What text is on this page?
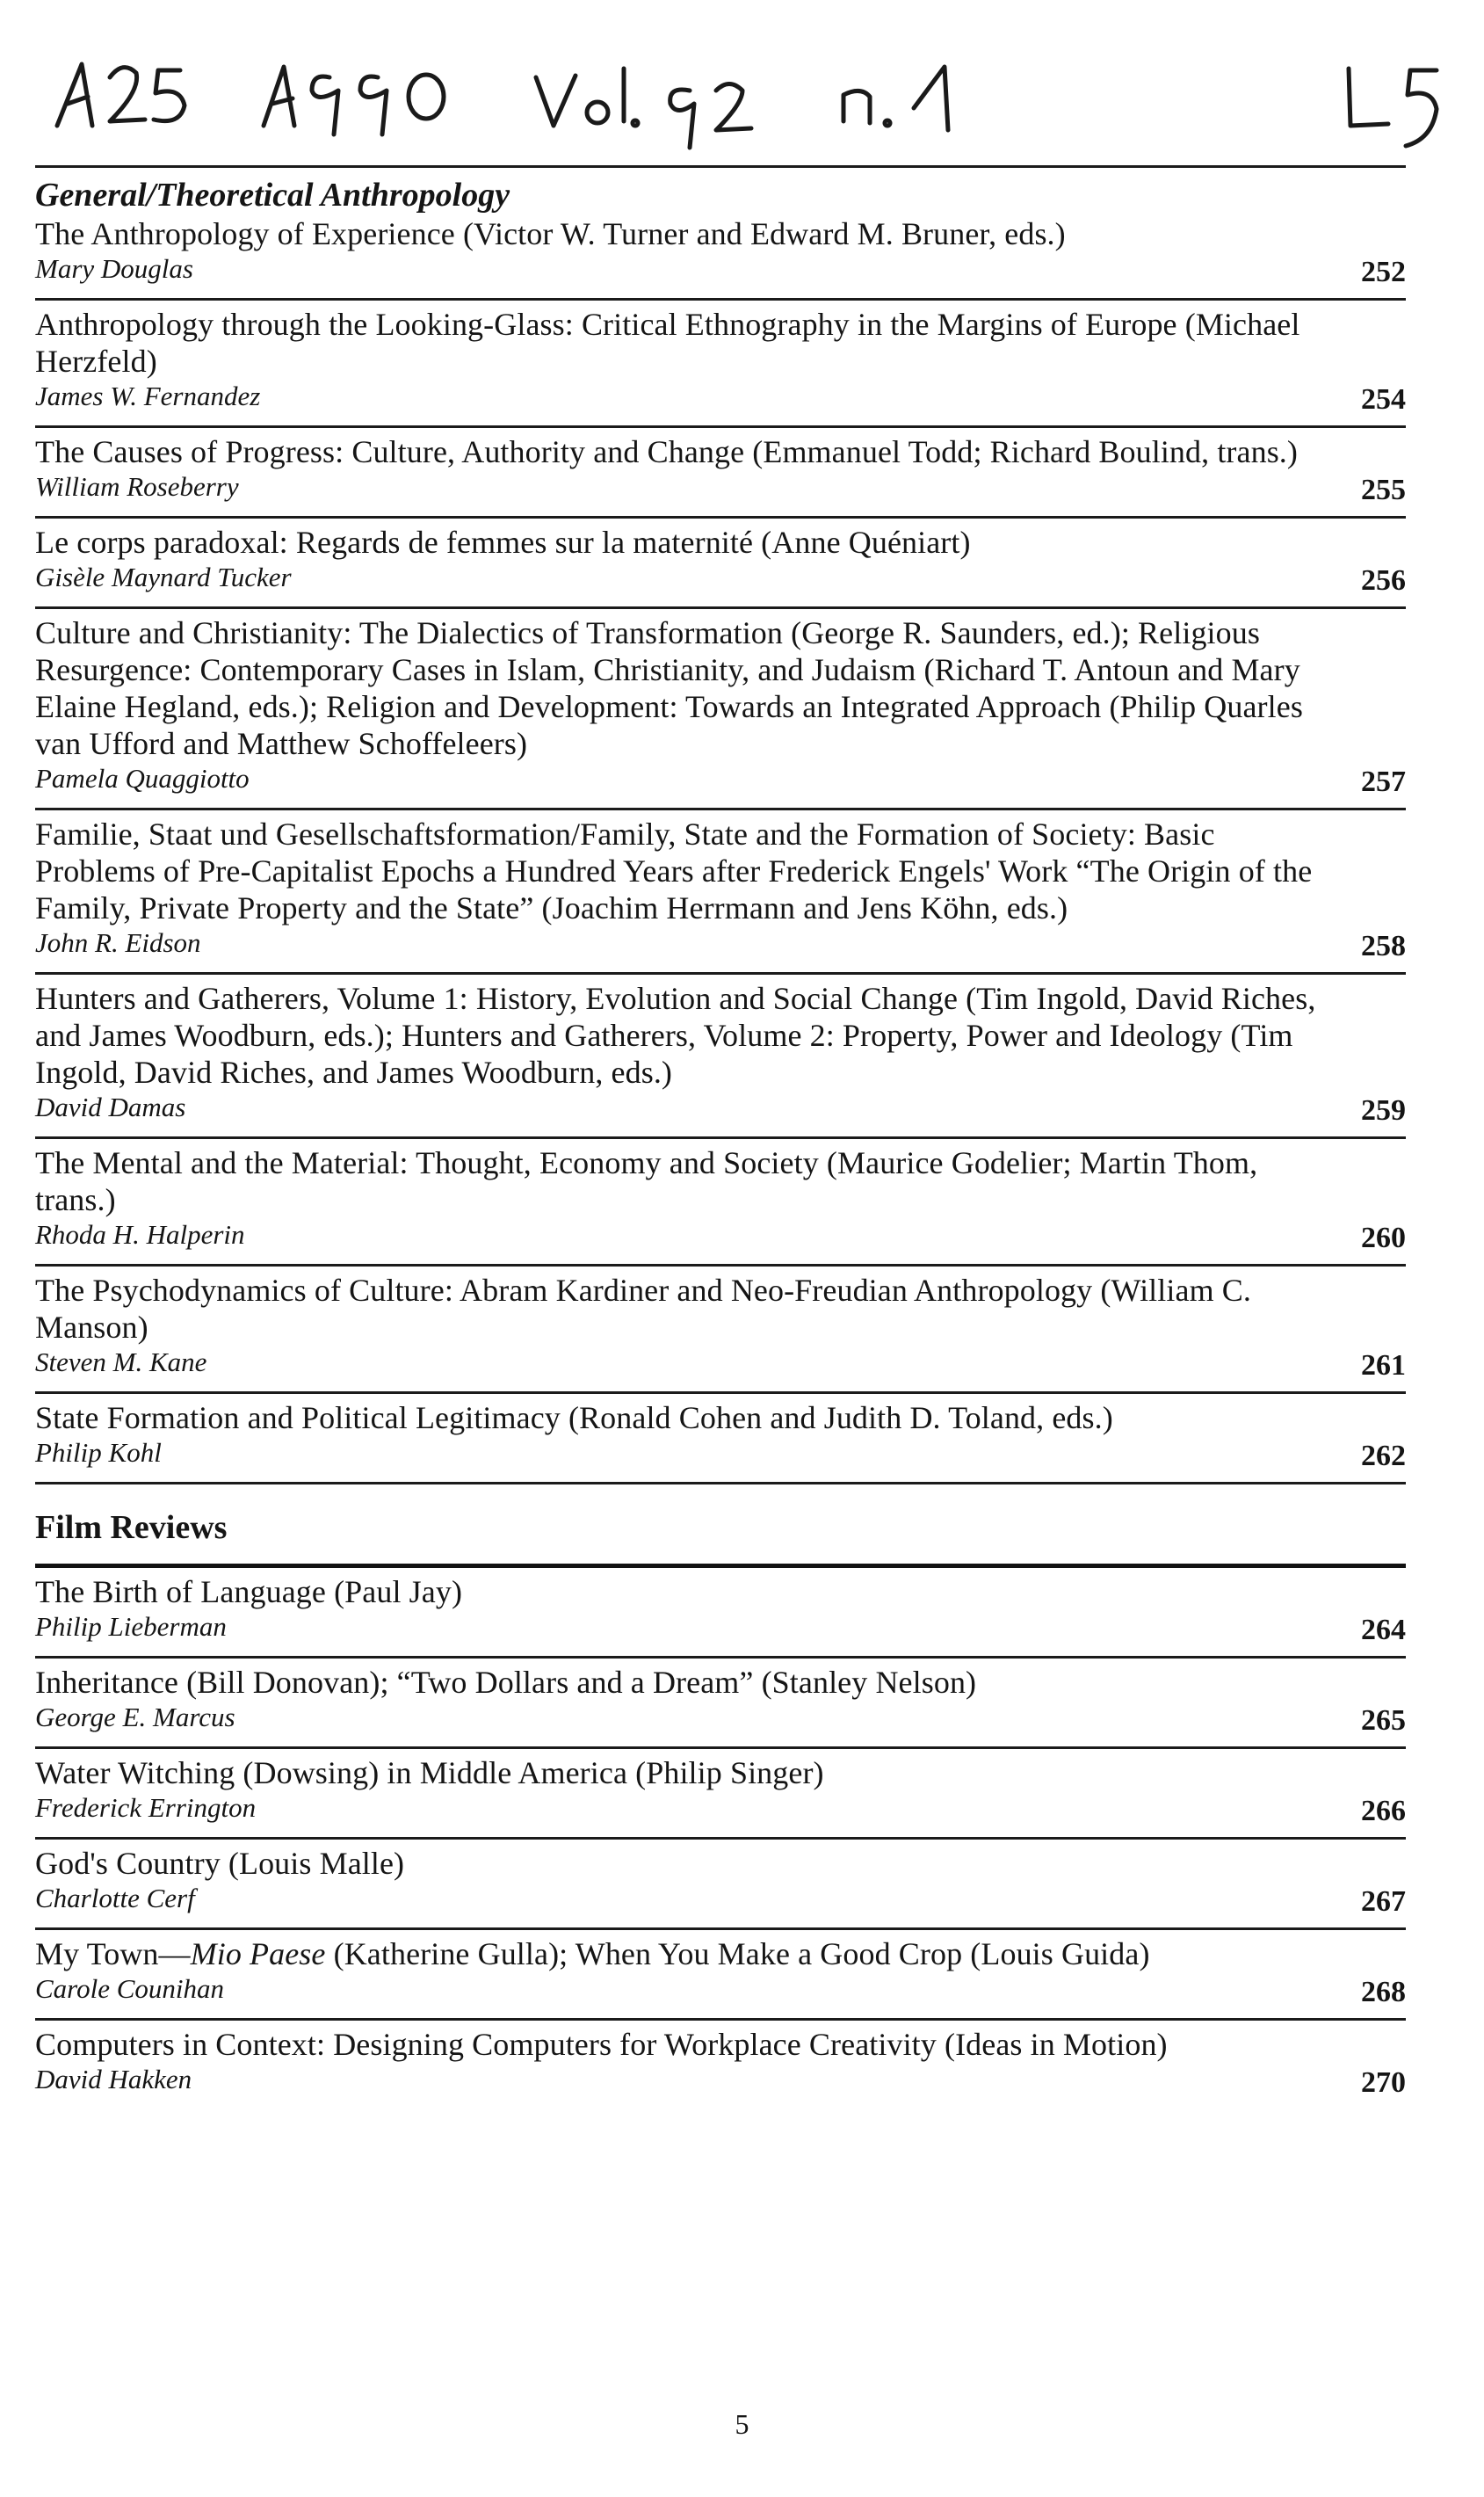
General/Theoretical Anthropology

The Anthropology of Experience (Victor W. Turner and Edward M. Bruner, eds.)

Mary Douglas	252

Anthropology through the Looking-Glass: Critical Ethnography in the Margins of Europe (Michael Herzfeld)

James W. Fernandez	254

The Causes of Progress: Culture, Authority and Change (Emmanuel Todd; Richard Boulind, trans.)

William Roseberry	255

Le corps paradoxal: Regards de femmes sur la maternité (Anne Quéniart)

Gisèle Maynard Tucker	256

Culture and Christianity: The Dialectics of Transformation (George R. Saunders, ed.); Religious Resurgence: Contemporary Cases in Islam, Christianity, and Judaism (Richard T. Antoun and Mary Elaine Hegland, eds.); Religion and Development: Towards an Integrated Approach (Philip Quarles van Ufford and Matthew Schoffeleers)

Pamela Quaggiotto	257

Familie, Staat und Gesellschaftsformation/Family, State and the Formation of Society: Basic Problems of Pre-Capitalist Epochs a Hundred Years after Frederick Engels' Work “The Origin of the Family, Private Property and the State” (Joachim Herrmann and Jens Köhn, eds.)

John R. Eidson	258

Hunters and Gatherers, Volume 1: History, Evolution and Social Change (Tim Ingold, David Riches, and James Woodburn, eds.); Hunters and Gatherers, Volume 2: Property, Power and Ideology (Tim Ingold, David Riches, and James Woodburn, eds.)

David Damas	259

The Mental and the Material: Thought, Economy and Society (Maurice Godelier; Martin Thom, trans.)

Rhoda H. Halperin	260

The Psychodynamics of Culture: Abram Kardiner and Neo-Freudian Anthropology (William C. Manson)

Steven M. Kane	261

State Formation and Political Legitimacy (Ronald Cohen and Judith D. Toland, eds.)

Philip Kohl	262
Film Reviews

The Birth of Language (Paul Jay)

Philip Lieberman	264

Inheritance (Bill Donovan); “Two Dollars and a Dream” (Stanley Nelson)

George E. Marcus	265

Water Witching (Dowsing) in Middle America (Philip Singer)

Frederick Errington	266

God's Country (Louis Malle)

Charlotte Cerf	267

My Town—Mio Paese (Katherine Gulla); When You Make a Good Crop (Louis Guida)

Carole Counihan	268

Computers in Context: Designing Computers for Workplace Creativity (Ideas in Motion)

David Hakken	270
5
